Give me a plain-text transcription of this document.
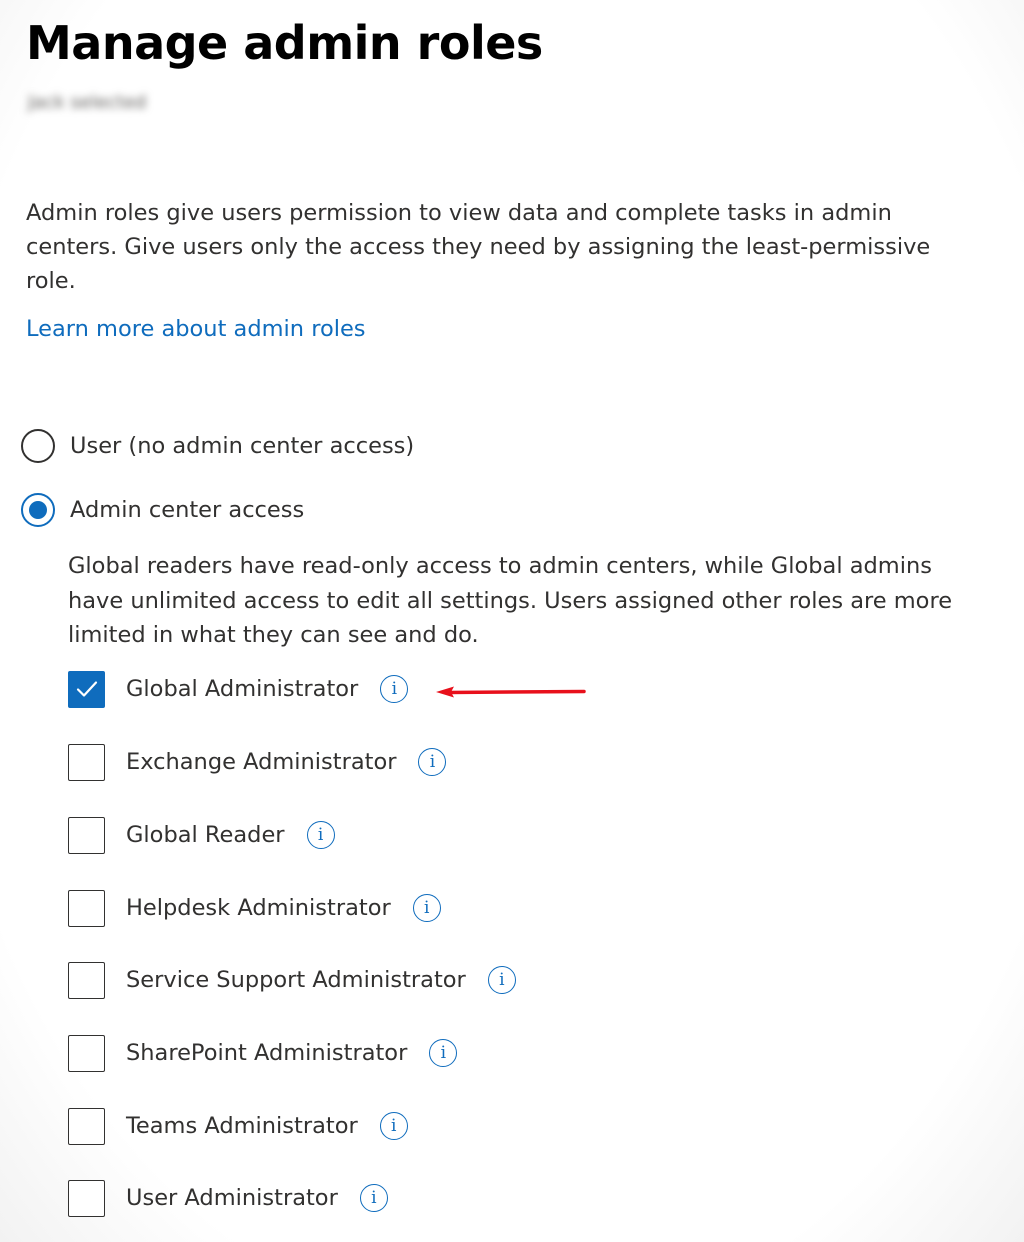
Manage admin roles
Jack selected

Admin roles give users permission to view data and complete tasks in admin centers. Give users only the access they need by assigning the least-permissive role.

Learn more about admin roles
User (no admin center access)
Admin center access

Global readers have read-only access to admin centers, while Global admins have unlimited access to edit all settings. Users assigned other roles are more limited in what they can see and do.

Global Administrator	i
Exchange Administrator	i
Global Reader	i
Helpdesk Administrator	i
Service Support Administrator	i
SharePoint Administrator	i
Teams Administrator	i
User Administrator	i
